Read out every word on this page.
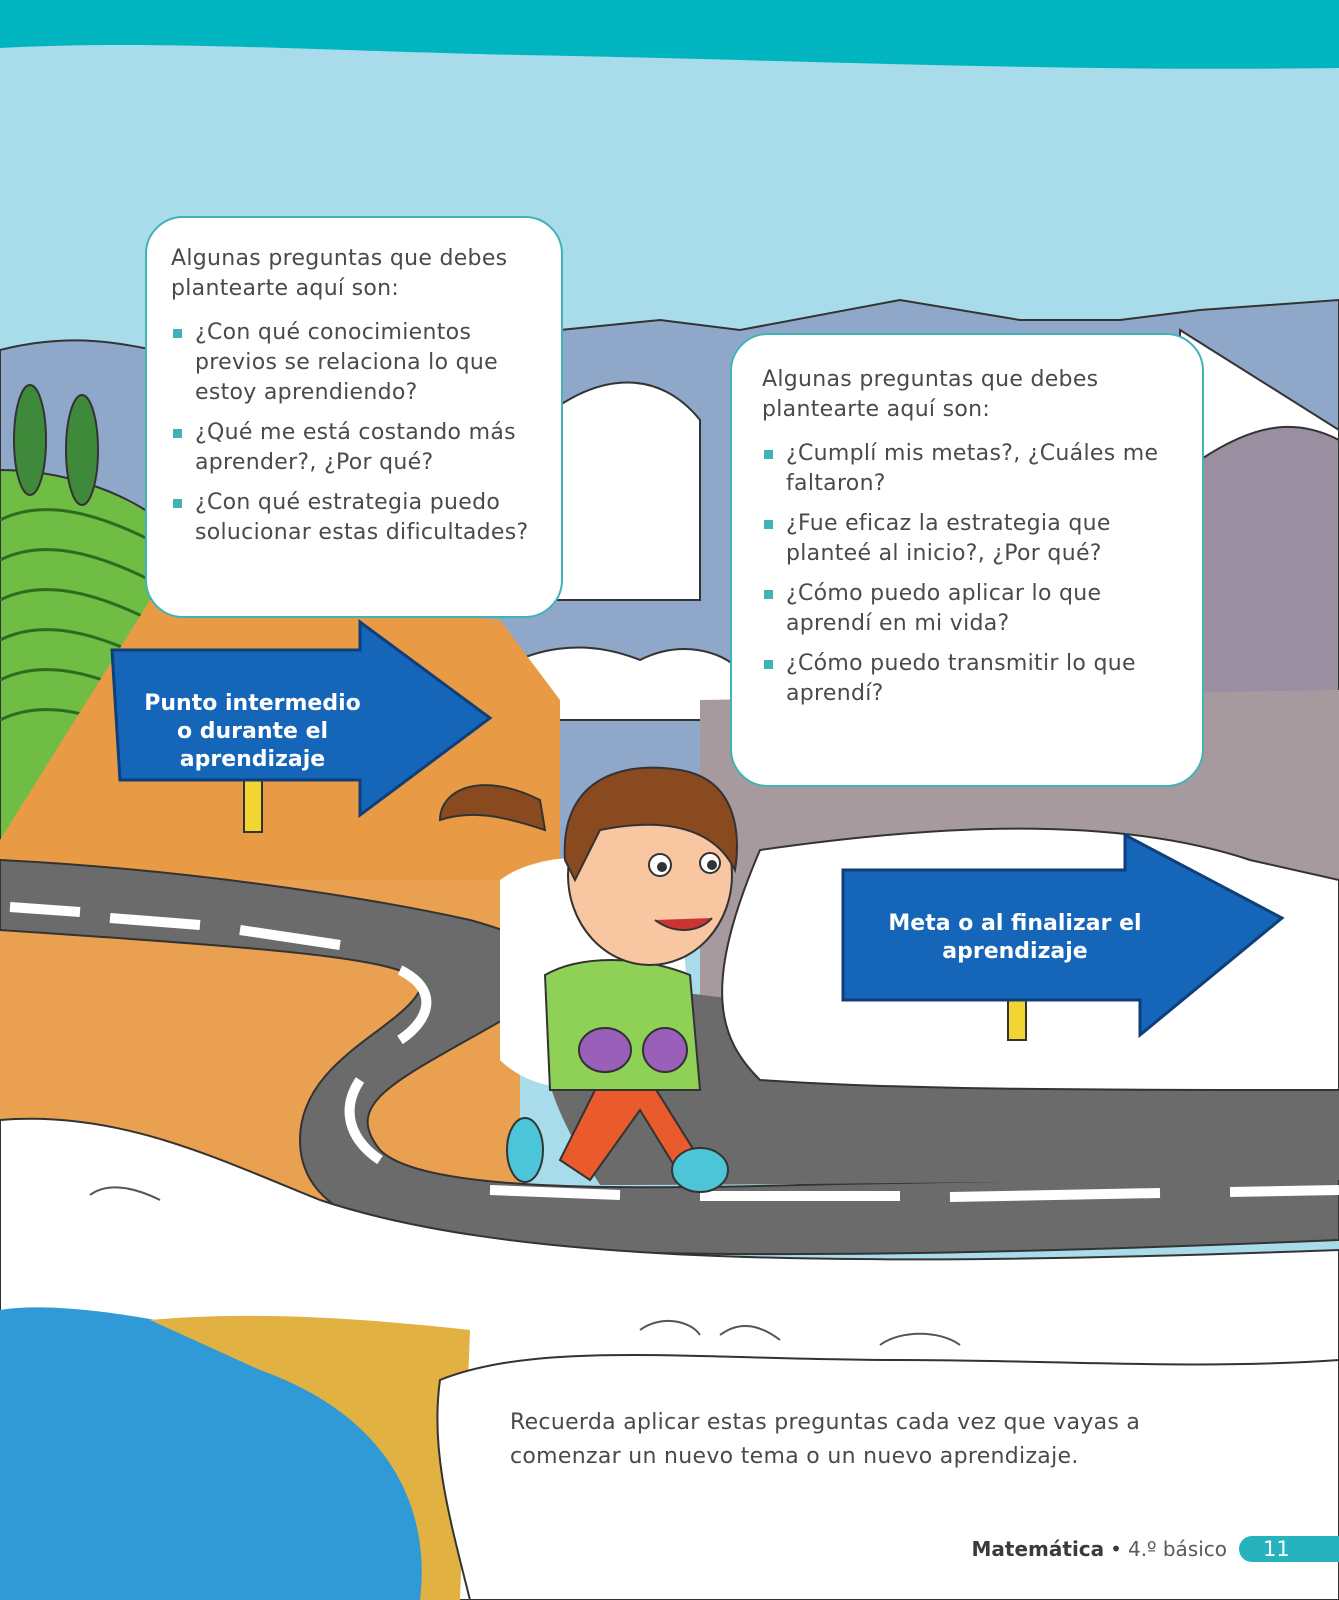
Algunas preguntas que debes plantearte aquí son:

¿Con qué conocimientos previos se relaciona lo que estoy aprendiendo?
¿Qué me está costando más aprender?, ¿Por qué?
¿Con qué estrategia puedo solucionar estas dificultades?

Algunas preguntas que debes plantearte aquí son:

¿Cumplí mis metas?, ¿Cuáles me faltaron?
¿Fue eficaz la estrategia que planteé al inicio?, ¿Por qué?
¿Cómo puedo aplicar lo que aprendí en mi vida?
¿Cómo puedo transmitir lo que aprendí?
Punto intermedio o durante el aprendizaje
Meta o al finalizar el aprendizaje
Recuerda aplicar estas preguntas cada vez que vayas a comenzar un nuevo tema o un nuevo aprendizaje.
Matemática • 4.º básico	11
